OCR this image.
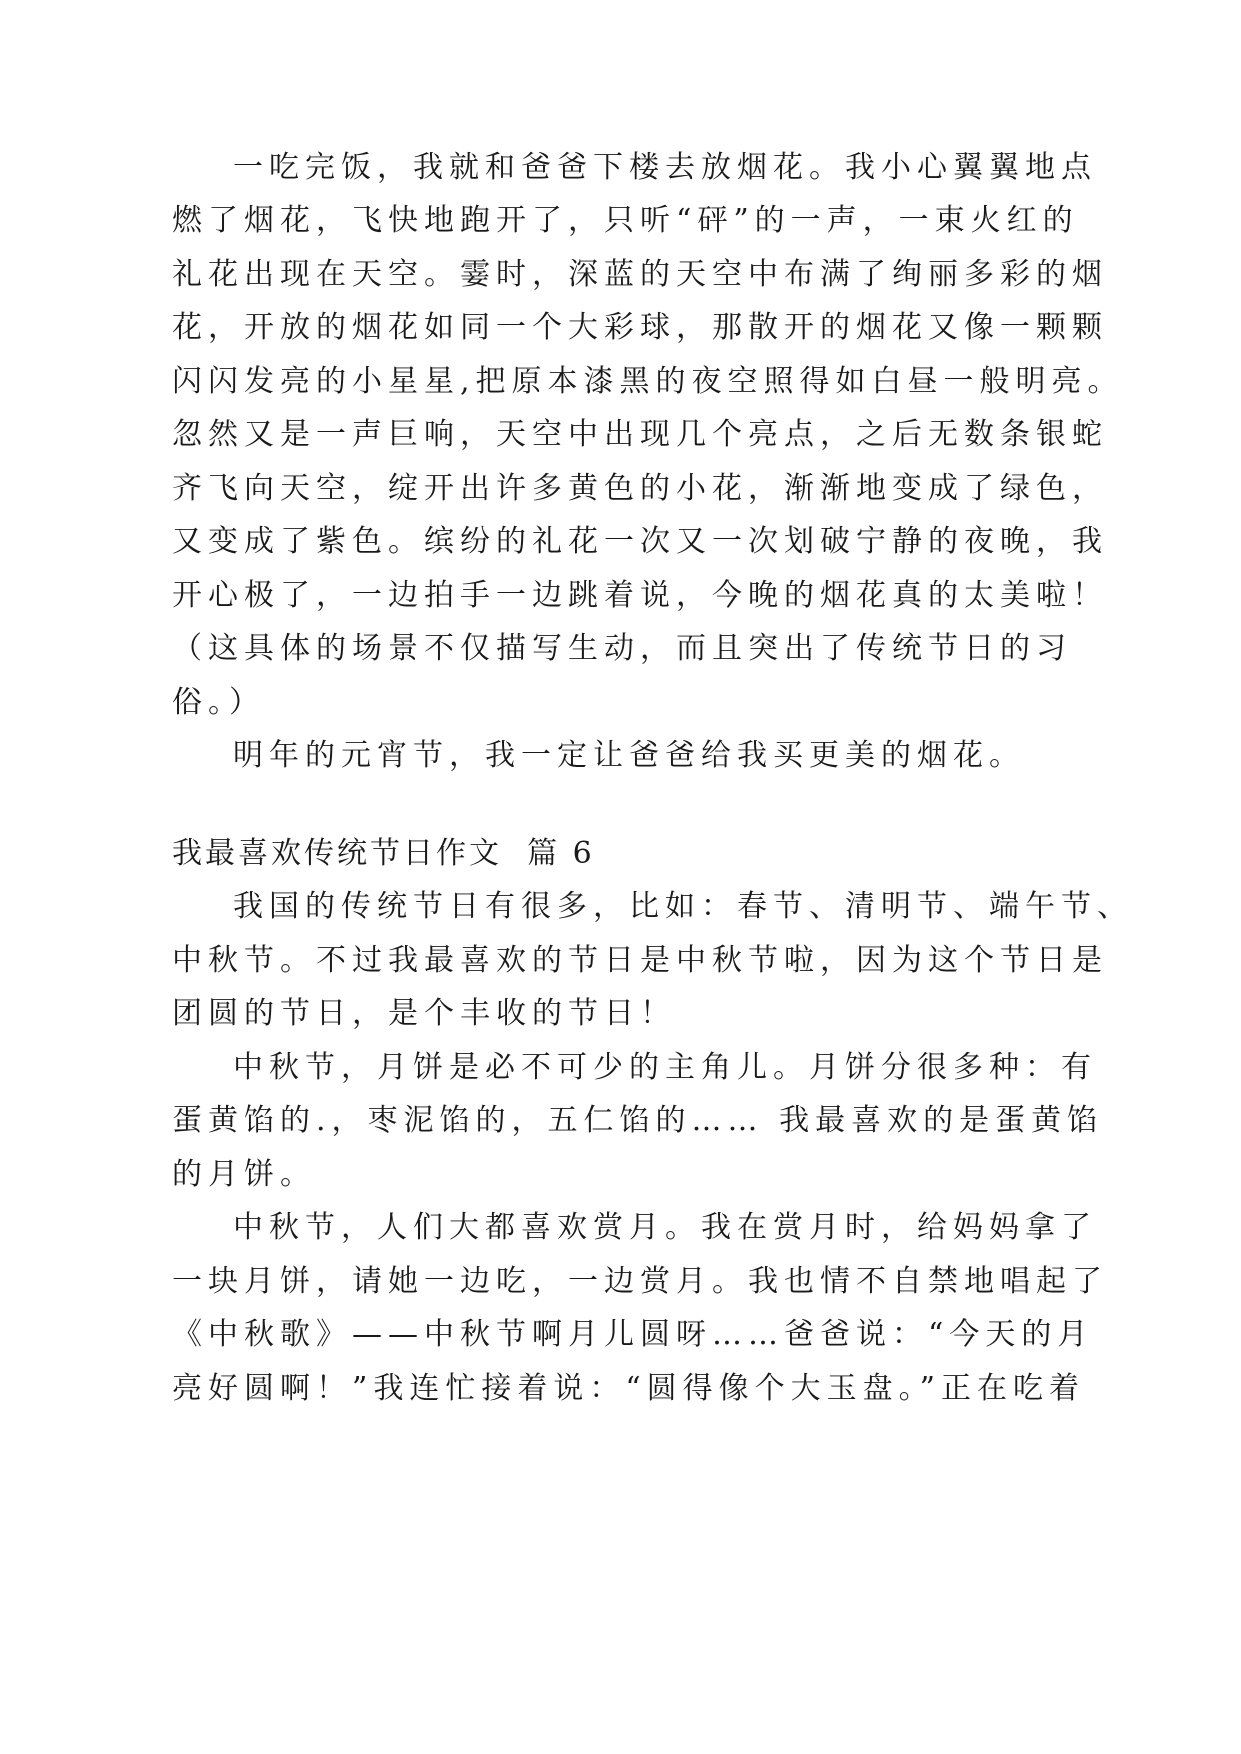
一吃完饭，我就和爸爸下楼去放烟花。我小心翼翼地点
燃了烟花，飞快地跑开了，只听“砰”的一声，一束火红的
礼花出现在天空。霎时，深蓝的天空中布满了绚丽多彩的烟
花，开放的烟花如同一个大彩球，那散开的烟花又像一颗颗
闪闪发亮的小星星,把原本漆黑的夜空照得如白昼一般明亮。
忽然又是一声巨响，天空中出现几个亮点，之后无数条银蛇
齐飞向天空，绽开出许多黄色的小花，渐渐地变成了绿色，
又变成了紫色。缤纷的礼花一次又一次划破宁静的夜晚，我
开心极了，一边拍手一边跳着说，今晚的烟花真的太美啦！
（这具体的场景不仅描写生动，而且突出了传统节日的习
俗。）
明年的元宵节，我一定让爸爸给我买更美的烟花。
我最喜欢传统节日作文  篇 6
我国的传统节日有很多，比如：春节、清明节、端午节、
中秋节。不过我最喜欢的节日是中秋节啦，因为这个节日是
团圆的节日，是个丰收的节日！
中秋节，月饼是必不可少的主角儿。月饼分很多种：有
蛋黄馅的.，枣泥馅的，五仁馅的…… 我最喜欢的是蛋黄馅
的月饼。
中秋节，人们大都喜欢赏月。我在赏月时，给妈妈拿了
一块月饼，请她一边吃，一边赏月。我也情不自禁地唱起了
《中秋歌》——中秋节啊月儿圆呀……爸爸说：“今天的月
亮好圆啊！”我连忙接着说：“圆得像个大玉盘。”正在吃着
